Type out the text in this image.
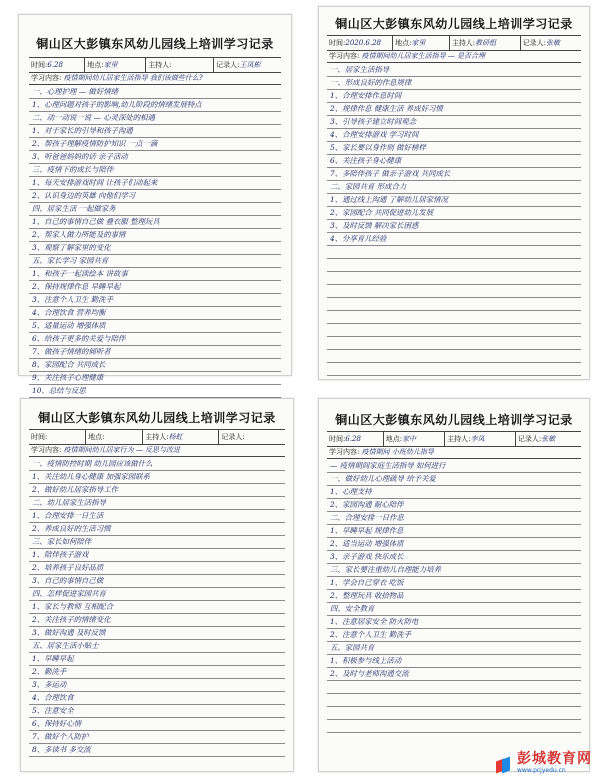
铜山区大彭镇东风幼儿园线上培训学习记录
时间:6.28	地点:家里	主持人:	记录人:王凤彬
学习内容: 疫情期间幼儿居家生活指导 我们该做些什么?
一、心理护理 — 做好情绪
1、心理问题对孩子的影响,幼儿阶段的情绪发展特点
二、动一动说一说 — 心灵深处的相遇
1、对于家长的引导和孩子沟通
2、帮孩子理解疫情防护知识 一点一滴
3、听爸爸妈妈的话 亲子活动
三、疫情下的成长与陪伴
1、每天安排游戏时间 让孩子们动起来
2、认识身边的英雄 向他们学习
四、居家生活 一起做家务
1、自己的事情自己做 叠衣服 整理玩具
2、帮家人做力所能及的事情
3、观察了解家里的变化
五、家长学习 家园共育
1、和孩子一起读绘本 讲故事
2、保持规律作息 早睡早起
3、注意个人卫生 勤洗手
4、合理饮食 营养均衡
5、适量运动 增强体质
6、给孩子更多的关爱与陪伴
7、做孩子情绪的倾听者
8、家园配合 共同成长
9、关注孩子心理健康
10、总结与反思
铜山区大彭镇东风幼儿园线上培训学习记录
时间:2020.6.28	地点:家里	主持人:教研组	记录人:张敏
学习内容: 疫情期间幼儿居家生活指导 — 是否合理
一、居家生活指导
一、形成良好的作息规律
1、合理安排作息时间
2、规律作息 健康生活 养成好习惯
3、引导孩子建立时间观念
4、合理安排游戏 学习时间
5、家长要以身作则 做好榜样
6、关注孩子身心健康
7、多陪伴孩子 做亲子游戏 共同成长
二、家园共育 形成合力
1、通过线上沟通 了解幼儿居家情况
2、家园配合 共同促进幼儿发展
3、及时反馈 解决家长困惑
4、分享育儿经验
铜山区大彭镇东风幼儿园线上培训学习记录
时间:	地点:	主持人:杨虹	记录人:
学习内容: 疫情期间幼儿居家行为 — 反思与改进
一、疫情防控时期 幼儿园应该做什么
1、关注幼儿身心健康 加强家园联系
2、做好幼儿居家指导工作
二、幼儿居家生活指导
1、合理安排一日生活
2、养成良好的生活习惯
三、家长如何陪伴
1、陪伴孩子游戏
2、培养孩子良好品质
3、自己的事情自己做
四、怎样促进家园共育
1、家长与教师 互相配合
2、关注孩子的情绪变化
3、做好沟通 及时反馈
五、居家生活小贴士
1、早睡早起
2、勤洗手
3、多运动
4、合理饮食
5、注意安全
6、保持好心情
7、做好个人防护
8、多读书 多交流
铜山区大彭镇东风幼儿园线上培训学习记录
时间:6.28	地点:家中	主持人:李凤	记录人:张敏
学习内容: 疫情期间 小班幼儿指导
— 疫情期间家庭生活指导 如何进行
一、做好幼儿心理疏导 给予关爱
1、心理支持
2、家园沟通 耐心陪伴
二、合理安排一日作息
1、早睡早起 规律作息
2、适当运动 增强体质
3、亲子游戏 快乐成长
三、家长要注重幼儿自理能力培养
1、学会自己穿衣 吃饭
2、整理玩具 收拾物品
四、安全教育
1、注意居家安全 防火防电
2、注意个人卫生 勤洗手
五、家园共育
1、积极参与线上活动
2、及时与老师沟通交流
彭城教育网
www.pcjyedu.cn
